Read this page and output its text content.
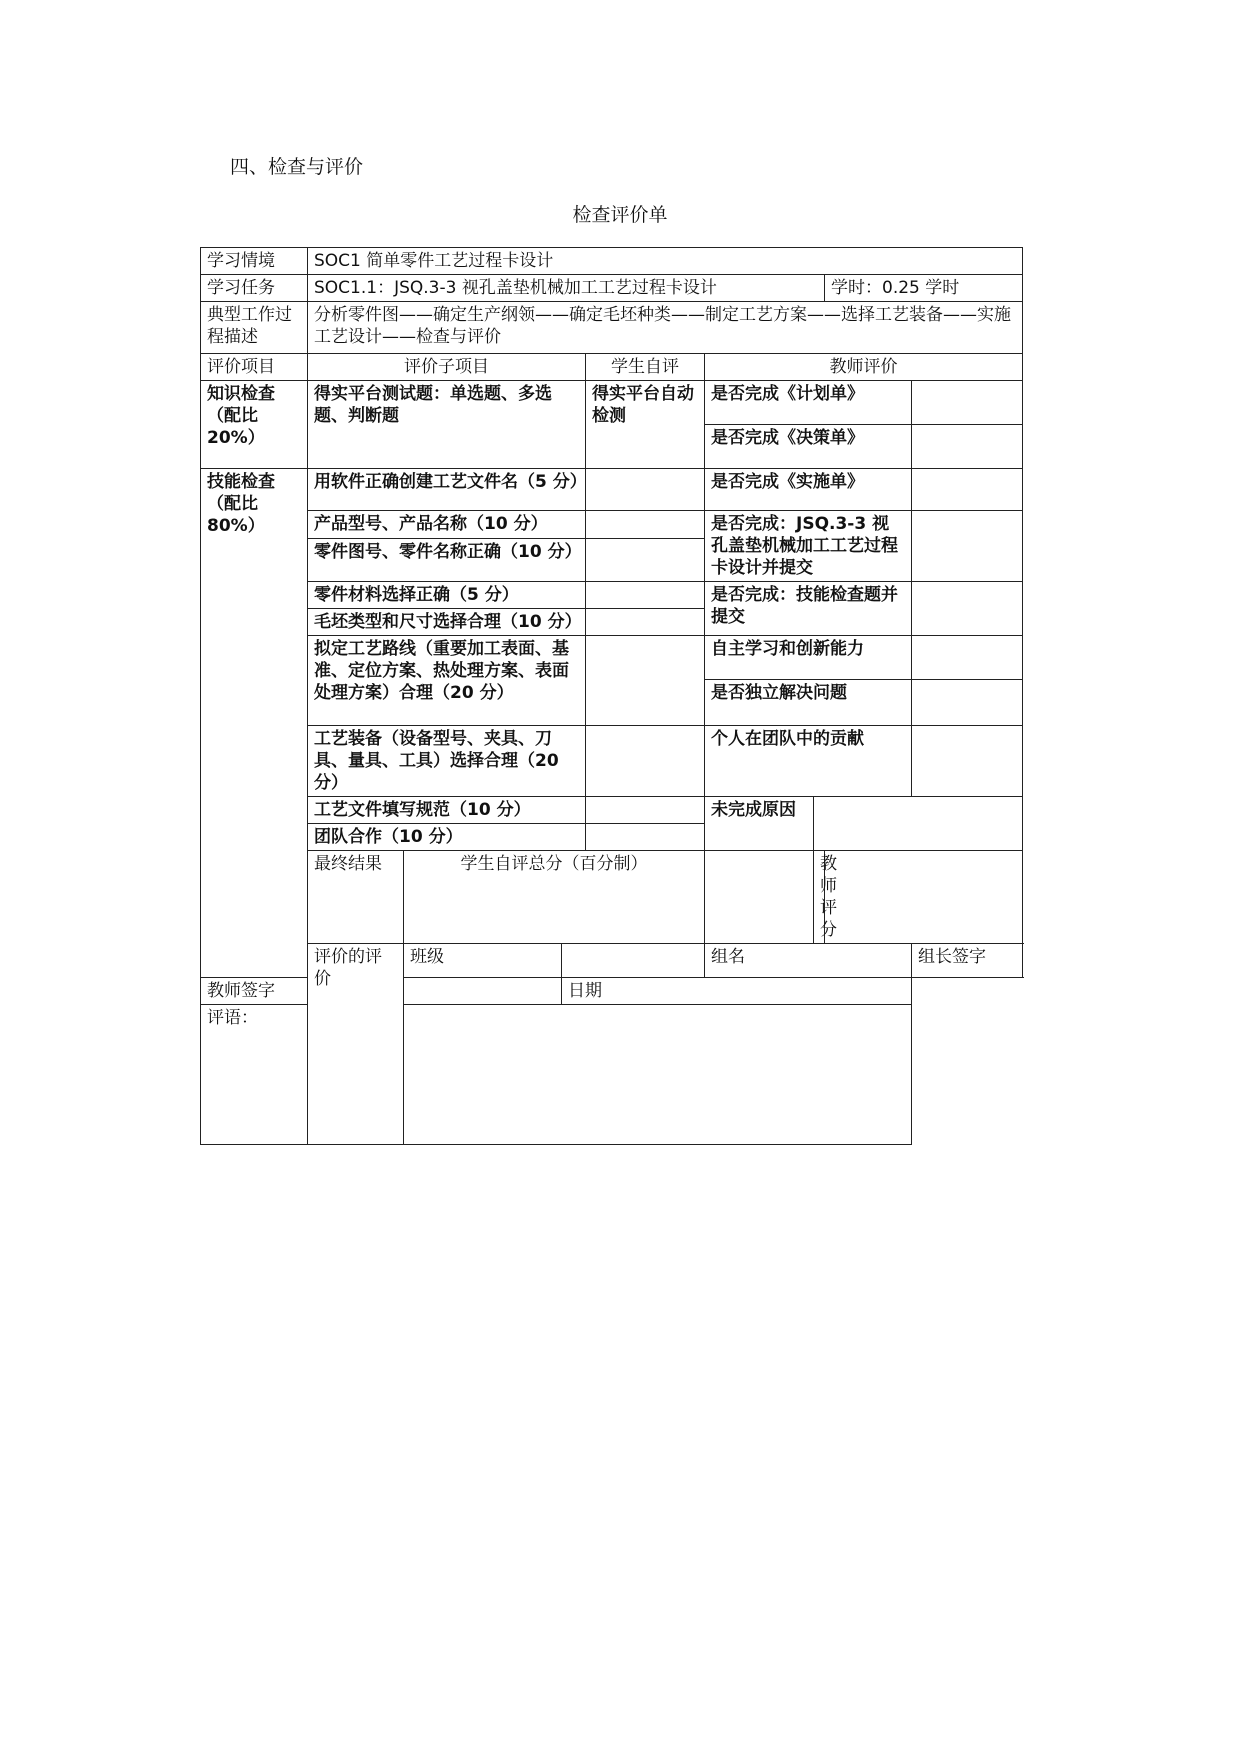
四、检查与评价
检查评价单
学习情境	SOC1 简单零件工艺过程卡设计							
学习任务	SOC1.1：JSQ.3-3 视孔盖垫机械加工工艺过程卡设计						学时：0.25 学时	
典型工作过程描述	分析零件图——确定生产纲领——确定毛坯种类——制定工艺方案——选择工艺装备——实施工艺设计——检查与评价							
评价项目	评价子项目			学生自评	教师评价			
知识检查（配比20%）	得实平台测试题：单选题、多选题、判断题			得实平台自动检测	是否完成《计划单》			
					是否完成《决策单》			
技能检查（配比80%）	用软件正确创建工艺文件名（5 分）				是否完成《实施单》			
	产品型号、产品名称（10 分）				是否完成：JSQ.3-3 视孔盖垫机械加工工艺过程卡设计并提交			
	零件图号、零件名称正确（10 分）							
	零件材料选择正确（5 分）				是否完成：技能检查题并提交			
	毛坯类型和尺寸选择合理（10 分）							
	拟定工艺路线（重要加工表面、基准、定位方案、热处理方案、表面处理方案）合理（20 分）				自主学习和创新能力			
					是否独立解决问题			
	工艺装备（设备型号、夹具、刀具、量具、工具）选择合理（20 分）				个人在团队中的贡献			
	工艺文件填写规范（10 分）				未完成原因			
	团队合作（10 分）							
	最终结果	学生自评总分（百分制）				教师评分		
	评价的评价	班级			组名			组长签字
教师签字			日期					
评语：								
